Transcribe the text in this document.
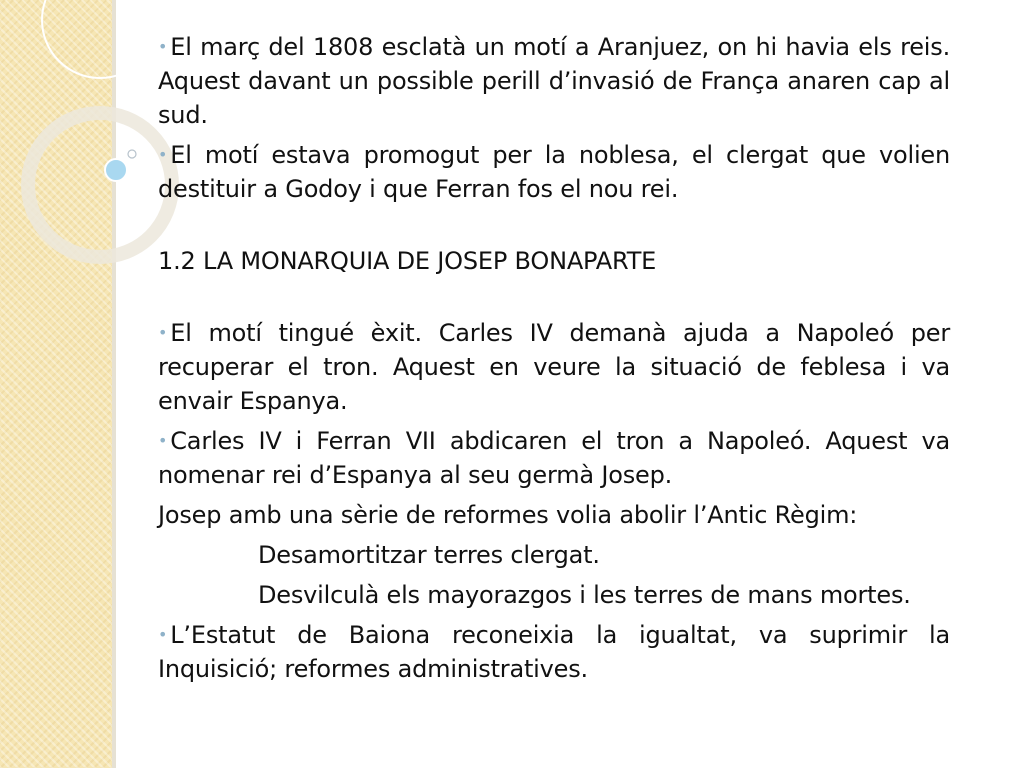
• El març del 1808 esclatà un motí a Aranjuez, on hi havia els reis. Aquest davant un possible perill d’invasió de França anaren cap al sud.

• El motí estava promogut per la noblesa, el clergat que volien destituir a Godoy i que Ferran fos el nou rei.

1.2 LA MONARQUIA DE JOSEP BONAPARTE

• El motí tingué èxit. Carles IV demanà ajuda a Napoleó per recuperar el tron. Aquest en veure la situació de feblesa i va envair Espanya.

• Carles IV i Ferran VII abdicaren el tron a Napoleó. Aquest va nomenar rei d’Espanya al seu germà Josep.

Josep amb una sèrie de reformes volia abolir l’Antic Règim:

Desamortitzar terres clergat.

Desvilculà els mayorazgos i les terres de mans mortes.

• L’Estatut de Baiona reconeixia la igualtat, va suprimir la Inquisició; reformes administratives.
